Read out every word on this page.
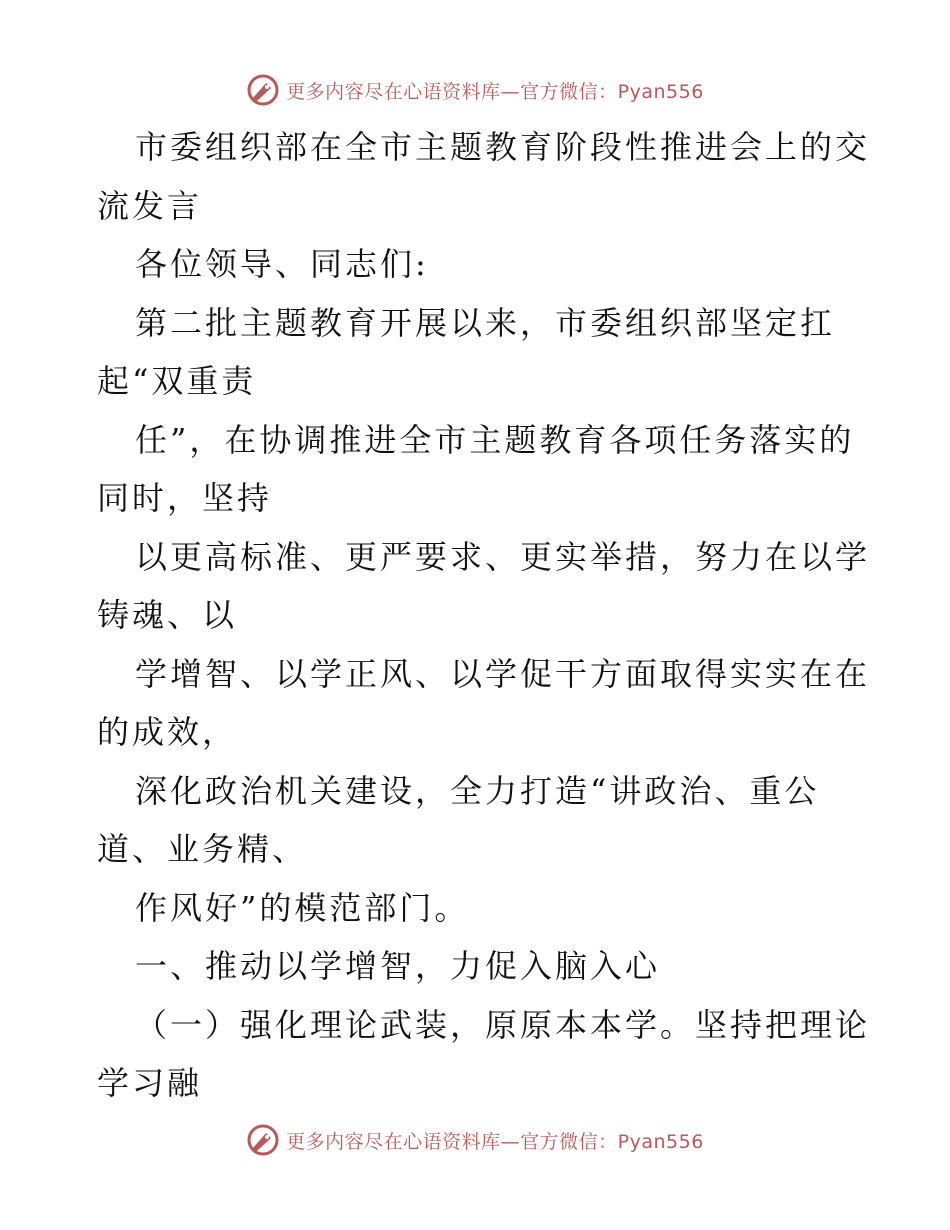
更多内容尽在心语资料库—官方微信：Pyan556
市委组织部在全市主题教育阶段性推进会上的交
流发言
各位领导、同志们:
第二批主题教育开展以来，市委组织部坚定扛
起“双重责
任”，在协调推进全市主题教育各项任务落实的
同时，坚持
以更高标准、更严要求、更实举措，努力在以学
铸魂、以
学增智、以学正风、以学促干方面取得实实在在
的成效，
深化政治机关建设，全力打造“讲政治、重公
道、业务精、
作风好”的模范部门。
一、推动以学增智，力促入脑入心
（一）强化理论武装，原原本本学。坚持把理论
学习融
更多内容尽在心语资料库—官方微信：Pyan556
